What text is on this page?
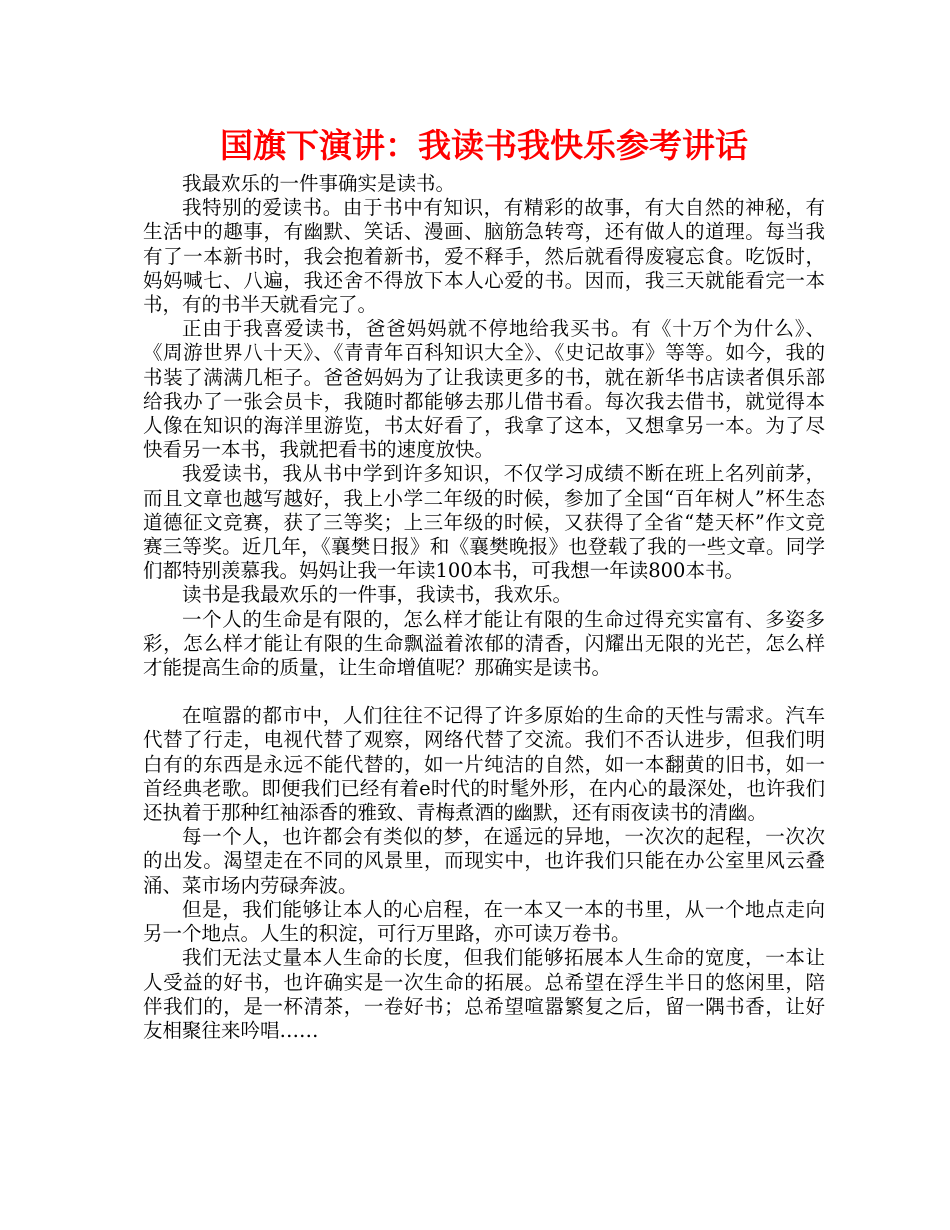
国旗下演讲：我读书我快乐参考讲话

我最欢乐的一件事确实是读书。

我特别的爱读书。由于书中有知识，有精彩的故事，有大自然的神秘，有生活中的趣事，有幽默、笑话、漫画、脑筋急转弯，还有做人的道理。每当我有了一本新书时，我会抱着新书，爱不释手，然后就看得废寝忘食。吃饭时，妈妈喊七、八遍，我还舍不得放下本人心爱的书。因而，我三天就能看完一本书，有的书半天就看完了。

正由于我喜爱读书，爸爸妈妈就不停地给我买书。有《十万个为什么》、《周游世界八十天》、《青青年百科知识大全》、《史记故事》等等。如今，我的书装了满满几柜子。爸爸妈妈为了让我读更多的书，就在新华书店读者俱乐部给我办了一张会员卡，我随时都能够去那儿借书看。每次我去借书，就觉得本人像在知识的海洋里游览，书太好看了，我拿了这本，又想拿另一本。为了尽快看另一本书，我就把看书的速度放快。

我爱读书，我从书中学到许多知识，不仅学习成绩不断在班上名列前茅，而且文章也越写越好，我上小学二年级的时候，参加了全国“百年树人”杯生态道德征文竞赛，获了三等奖；上三年级的时候，又获得了全省“楚天杯”作文竞赛三等奖。近几年，《襄樊日报》和《襄樊晚报》也登载了我的一些文章。同学们都特别羡慕我。妈妈让我一年读100本书，可我想一年读800本书。

读书是我最欢乐的一件事，我读书，我欢乐。

一个人的生命是有限的，怎么样才能让有限的生命过得充实富有、多姿多彩，怎么样才能让有限的生命飘溢着浓郁的清香，闪耀出无限的光芒，怎么样才能提高生命的质量，让生命增值呢？那确实是读书。

在喧嚣的都市中，人们往往不记得了许多原始的生命的天性与需求。汽车代替了行走，电视代替了观察，网络代替了交流。我们不否认进步，但我们明白有的东西是永远不能代替的，如一片纯洁的自然，如一本翻黄的旧书，如一首经典老歌。即便我们已经有着e时代的时髦外形，在内心的最深处，也许我们还执着于那种红袖添香的雅致、青梅煮酒的幽默，还有雨夜读书的清幽。

每一个人，也许都会有类似的梦，在遥远的异地，一次次的起程，一次次的出发。渴望走在不同的风景里，而现实中，也许我们只能在办公室里风云叠涌、菜市场内劳碌奔波。

但是，我们能够让本人的心启程，在一本又一本的书里，从一个地点走向另一个地点。人生的积淀，可行万里路，亦可读万卷书。

我们无法丈量本人生命的长度，但我们能够拓展本人生命的宽度，一本让人受益的好书，也许确实是一次生命的拓展。总希望在浮生半日的悠闲里，陪伴我们的，是一杯清茶，一卷好书；总希望喧嚣繁复之后，留一隅书香，让好友相聚往来吟唱……
